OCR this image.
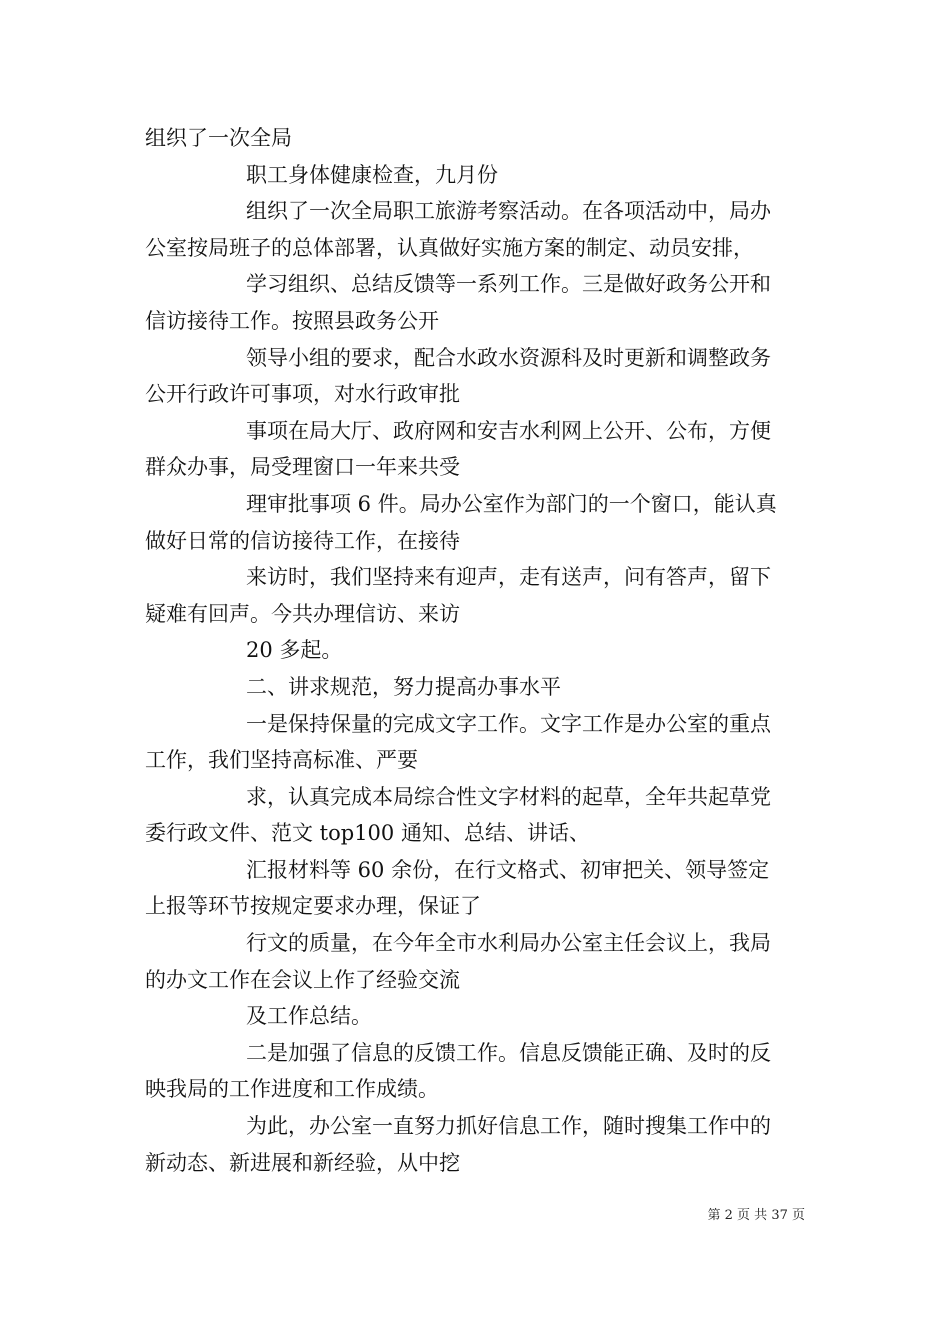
组织了一次全局
职工身体健康检查，九月份
组织了一次全局职工旅游考察活动。在各项活动中，局办
公室按局班子的总体部署，认真做好实施方案的制定、动员安排，
学习组织、总结反馈等一系列工作。三是做好政务公开和
信访接待工作。按照县政务公开
领导小组的要求，配合水政水资源科及时更新和调整政务
公开行政许可事项，对水行政审批
事项在局大厅、政府网和安吉水利网上公开、公布，方便
群众办事，局受理窗口一年来共受
理审批事项 6 件。局办公室作为部门的一个窗口，能认真
做好日常的信访接待工作，在接待
来访时，我们坚持来有迎声，走有送声，问有答声，留下
疑难有回声。今共办理信访、来访
20 多起。
二、讲求规范，努力提高办事水平
一是保持保量的完成文字工作。文字工作是办公室的重点
工作，我们坚持高标准、严要
求，认真完成本局综合性文字材料的起草，全年共起草党
委行政文件、范文 top100 通知、总结、讲话、
汇报材料等 60 余份，在行文格式、初审把关、领导签定
上报等环节按规定要求办理，保证了
行文的质量，在今年全市水利局办公室主任会议上，我局
的办文工作在会议上作了经验交流
及工作总结。
二是加强了信息的反馈工作。信息反馈能正确、及时的反
映我局的工作进度和工作成绩。
为此，办公室一直努力抓好信息工作，随时搜集工作中的
新动态、新进展和新经验，从中挖
第 2 页 共 37 页
